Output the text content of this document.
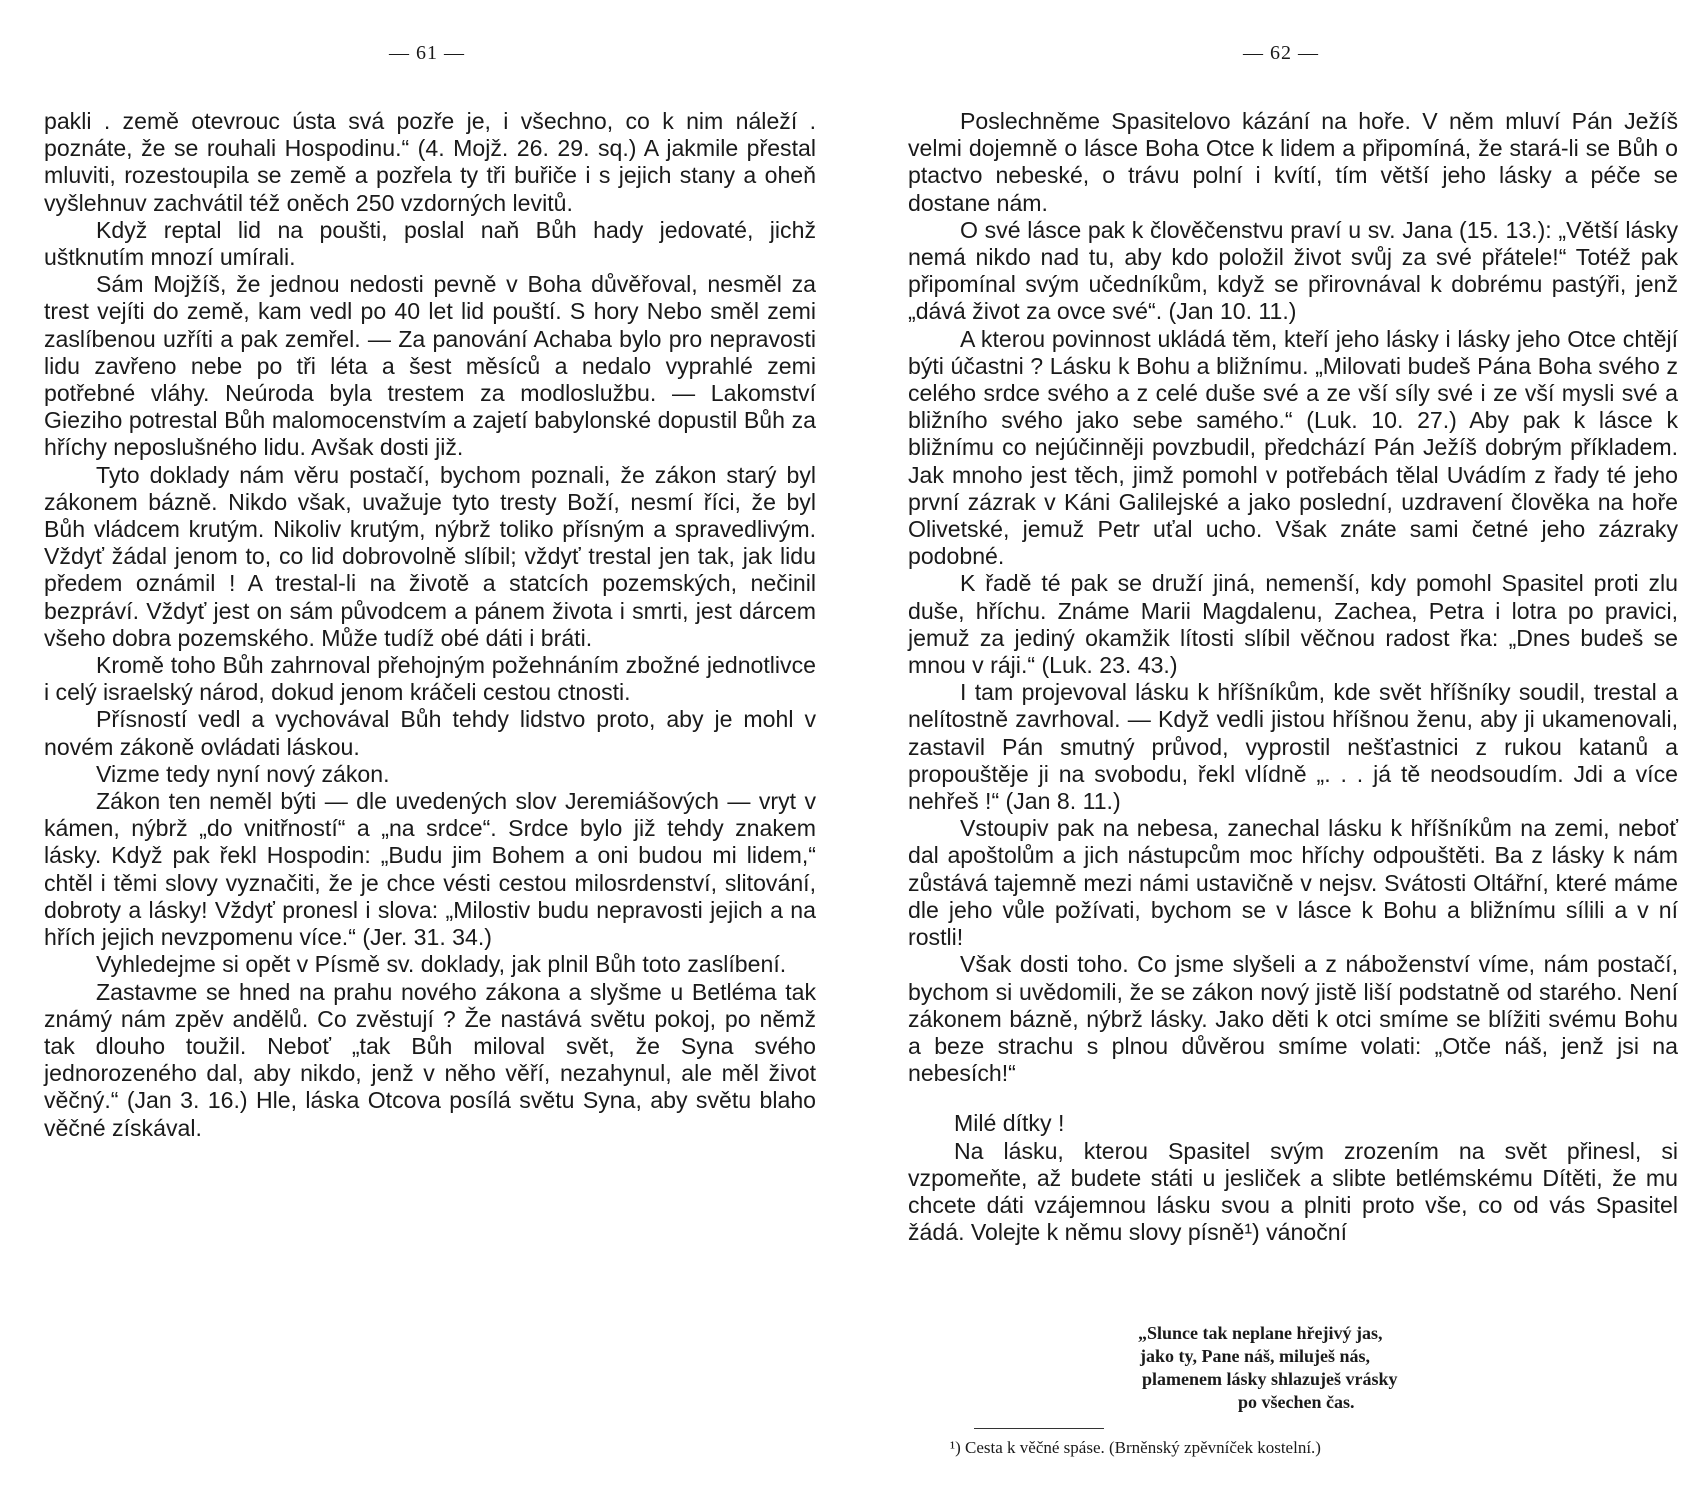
— 61 —

pakli . země otevrouc ústa svá pozře je, i všechno, co k nim náleží . poznáte, že se rouhali Hospodinu.“ (4. Mojž. 26. 29. sq.) A jakmile přestal mluviti, rozestoupila se země a pozřela ty tři buřiče i s jejich stany a oheň vyšlehnuv zachvátil též oněch 250 vzdorných levitů.

Když reptal lid na poušti, poslal naň Bůh hady jedovaté, jichž uštknutím mnozí umírali.

Sám Mojžíš, že jednou nedosti pevně v Boha důvěřoval, nesměl za trest vejíti do země, kam vedl po 40 let lid pouští. S hory Nebo směl zemi zaslíbenou uzříti a pak zemřel. — Za panování Achaba bylo pro nepravosti lidu zavřeno nebe po tři léta a šest měsíců a nedalo vyprahlé zemi potřebné vláhy. Neúroda byla trestem za modloslužbu. — Lakomství Gieziho potrestal Bůh malomocenstvím a zajetí babylonské dopustil Bůh za hříchy neposlušného lidu. Avšak dosti již.

Tyto doklady nám věru postačí, bychom poznali, že zákon starý byl zákonem bázně. Nikdo však, uvažuje tyto tresty Boží, nesmí říci, že byl Bůh vládcem krutým. Nikoliv krutým, nýbrž toliko přísným a spravedlivým. Vždyť žádal jenom to, co lid dobrovolně slíbil; vždyť trestal jen tak, jak lidu předem oznámil ! A trestal-li na životě a statcích pozemských, nečinil bezpráví. Vždyť jest on sám původcem a pánem života i smrti, jest dárcem všeho dobra pozemského. Může tudíž obé dáti i bráti.

Kromě toho Bůh zahrnoval přehojným požehnáním zbožné jednotlivce i celý israelský národ, dokud jenom kráčeli cestou ctnosti.

Přísností vedl a vychovával Bůh tehdy lidstvo proto, aby je mohl v novém zákoně ovládati láskou.

Vizme tedy nyní nový zákon.

Zákon ten neměl býti — dle uvedených slov Jeremiášových — vryt v kámen, nýbrž „do vnitřností“ a „na srdce“. Srdce bylo již tehdy znakem lásky. Když pak řekl Hospodin: „Budu jim Bohem a oni budou mi lidem,“ chtěl i těmi slovy vyznačiti, že je chce vésti cestou milosrdenství, slitování, dobroty a lásky! Vždyť pronesl i slova: „Milostiv budu nepravosti jejich a na hřích jejich nevzpomenu více.“ (Jer. 31. 34.)

Vyhledejme si opět v Písmě sv. doklady, jak plnil Bůh toto zaslíbení.

Zastavme se hned na prahu nového zákona a slyšme u Betléma tak známý nám zpěv andělů. Co zvěstují ? Že nastává světu pokoj, po němž tak dlouho toužil. Neboť „tak Bůh miloval svět, že Syna svého jednorozeného dal, aby nikdo, jenž v něho věří, nezahynul, ale měl život věčný.“ (Jan 3. 16.) Hle, láska Otcova posílá světu Syna, aby světu blaho věčné získával.

— 62 —

Poslechněme Spasitelovo kázání na hoře. V něm mluví Pán Ježíš velmi dojemně o lásce Boha Otce k lidem a připomíná, že stará-li se Bůh o ptactvo nebeské, o trávu polní i kvítí, tím větší jeho lásky a péče se dostane nám.

O své lásce pak k člověčenstvu praví u sv. Jana (15. 13.): „Větší lásky nemá nikdo nad tu, aby kdo položil život svůj za své přátele!“ Totéž pak připomínal svým učedníkům, když se přirovnával k dobrému pastýři, jenž „dává život za ovce své“. (Jan 10. 11.)

A kterou povinnost ukládá těm, kteří jeho lásky i lásky jeho Otce chtějí býti účastni ? Lásku k Bohu a bližnímu. „Milovati budeš Pána Boha svého z celého srdce svého a z celé duše své a ze vší síly své i ze vší mysli své a bližního svého jako sebe samého.“ (Luk. 10. 27.) Aby pak k lásce k bližnímu co nejúčinněji povzbudil, předchází Pán Ježíš dobrým příkladem. Jak mnoho jest těch, jimž pomohl v potřebách tělal Uvádím z řady té jeho první zázrak v Káni Galilejské a jako poslední, uzdravení člověka na hoře Olivetské, jemuž Petr uťal ucho. Však znáte sami četné jeho zázraky podobné.

K řadě té pak se druží jiná, nemenší, kdy pomohl Spasitel proti zlu duše, hříchu. Známe Marii Magdalenu, Zachea, Petra i lotra po pravici, jemuž za jediný okamžik lítosti slíbil věčnou radost řka: „Dnes budeš se mnou v ráji.“ (Luk. 23. 43.)

I tam projevoval lásku k hříšníkům, kde svět hříšníky soudil, trestal a nelítostně zavrhoval. — Když vedli jistou hříšnou ženu, aby ji ukamenovali, zastavil Pán smutný průvod, vyprostil nešťastnici z rukou katanů a propouštěje ji na svobodu, řekl vlídně „. . . já tě neodsoudím. Jdi a více nehřeš !“ (Jan 8. 11.)

Vstoupiv pak na nebesa, zanechal lásku k hříšníkům na zemi, neboť dal apoštolům a jich nástupcům moc hříchy odpouštěti. Ba z lásky k nám zůstává tajemně mezi námi ustavičně v nejsv. Svátosti Oltářní, které máme dle jeho vůle požívati, bychom se v lásce k Bohu a bližnímu sílili a v ní rostli!

Však dosti toho. Co jsme slyšeli a z náboženství víme, nám postačí, bychom si uvědomili, že se zákon nový jistě liší podstatně od starého. Není zákonem bázně, nýbrž lásky. Jako děti k otci smíme se blížiti svému Bohu a beze strachu s plnou důvěrou smíme volati: „Otče náš, jenž jsi na nebesích!“

Milé dítky !

Na lásku, kterou Spasitel svým zrozením na svět přinesl, si vzpomeňte, až budete státi u jesliček a slibte betlémskému Dítěti, že mu chcete dáti vzájemnou lásku svou a plniti proto vše, co od vás Spasitel žádá. Volejte k němu slovy písně¹) vánoční

„Slunce tak neplane hřejivý jas,
jako ty, Pane náš, miluješ nás,
plamenem lásky shlazuješ vrásky
po všechen čas.
¹) Cesta k věčné spáse. (Brněnský zpěvníček kostelní.)
